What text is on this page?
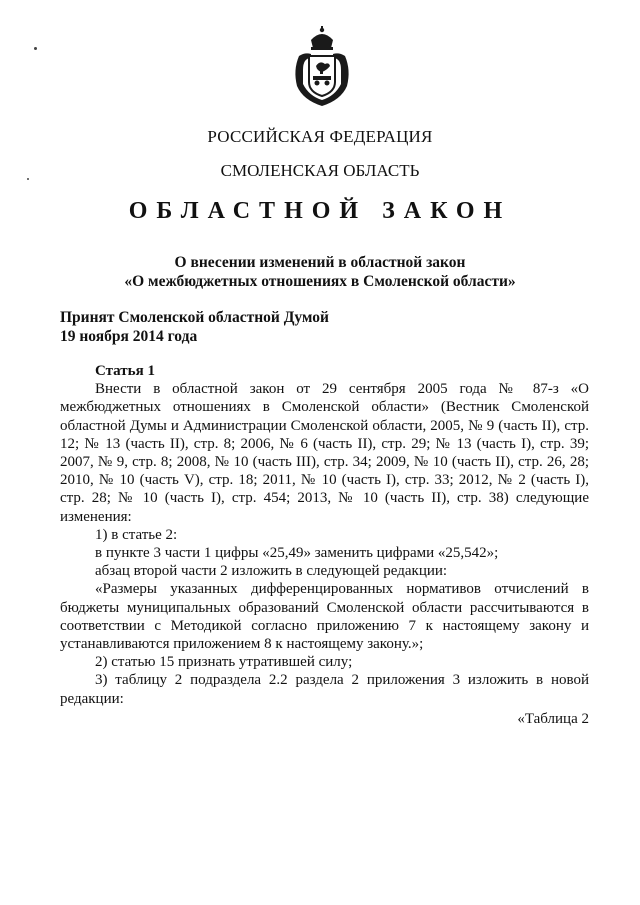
РОССИЙСКАЯ ФЕДЕРАЦИЯ
СМОЛЕНСКАЯ ОБЛАСТЬ
ОБЛАСТНОЙ ЗАКОН
О внесении изменений в областной закон
«О межбюджетных отношениях в Смоленской области»
Принят Смоленской областной Думой
19 ноября 2014 года
Статья 1

Внести в областной закон от 29 сентября 2005 года № 87-з «О межбюджетных отношениях в Смоленской области» (Вестник Смоленской областной Думы и Администрации Смоленской области, 2005, № 9 (часть II), стр. 12; № 13 (часть II), стр. 8; 2006, № 6 (часть II), стр. 29; № 13 (часть I), стр. 39; 2007, № 9, стр. 8; 2008, № 10 (часть III), стр. 34; 2009, № 10 (часть II), стр. 26, 28; 2010, № 10 (часть V), стр. 18; 2011, № 10 (часть I), стр. 33; 2012, № 2 (часть I), стр. 28; № 10 (часть I), стр. 454; 2013, № 10 (часть II), стр. 38) следующие изменения:

1) в статье 2:

в пункте 3 части 1 цифры «25,49» заменить цифрами «25,542»;

абзац второй части 2 изложить в следующей редакции:

«Размеры указанных дифференцированных нормативов отчислений в бюджеты муниципальных образований Смоленской области рассчитываются в соответствии с Методикой согласно приложению 7 к настоящему закону и устанавливаются приложением 8 к настоящему закону.»;

2) статью 15 признать утратившей силу;

3) таблицу 2 подраздела 2.2 раздела 2 приложения 3 изложить в новой редакции:

«Таблица 2
